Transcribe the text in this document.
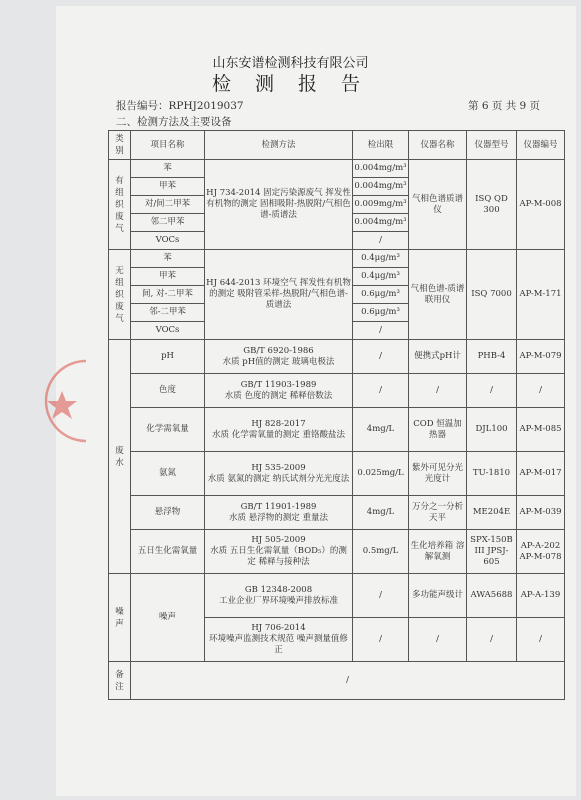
山东安谱检测科技有限公司
检 测 报 告
报告编号：RPHJ2019037	第 6 页 共 9 页
二、检测方法及主要设备
类别	项目名称	检测方法	检出限	仪器名称	仪器型号	仪器编号
有组织废气	苯	HJ 734-2014 固定污染源废气 挥发性有机物的测定 固相吸附-热脱附/气相色谱-质谱法	0.004mg/m³	气相色谱质谱仪	ISQ QD 300	AP-M-008
	甲苯		0.004mg/m³			
	对/间二甲苯		0.009mg/m³			
	邻二甲苯		0.004mg/m³			
	VOCs		/			
无组织废气	苯	HJ 644-2013 环境空气 挥发性有机物的测定 吸附管采样-热脱附/气相色谱-质谱法	0.4μg/m³	气相色谱-质谱联用仪	ISQ 7000	AP-M-171
	甲苯		0.4μg/m³			
	间, 对-二甲苯		0.6μg/m³			
	邻-二甲苯		0.6μg/m³			
	VOCs		/			
废水	pH	GB/T 6920-1986
水质 pH值的测定 玻璃电极法	/	便携式pH计	PHB-4	AP-M-079
	色度	GB/T 11903-1989
水质 色度的测定 稀释倍数法	/	/	/	/
	化学需氧量	HJ 828-2017
水质 化学需氧量的测定 重铬酸盐法	4mg/L	COD 恒温加热器	DJL100	AP-M-085
	氨氮	HJ 535-2009
水质 氨氮的测定 纳氏试剂分光光度法	0.025mg/L	紫外可见分光光度计	TU-1810	AP-M-017
	悬浮物	GB/T 11901-1989
水质 悬浮物的测定 重量法	4mg/L	万分之一分析天平	ME204E	AP-M-039
	五日生化需氧量	HJ 505-2009
水质 五日生化需氧量（BOD₅）的测定 稀释与接种法	0.5mg/L	生化培养箱 溶解氧测	SPX-150B III JPSJ-605	AP-A-202 AP-M-078
噪声	噪声	GB 12348-2008
工业企业厂界环境噪声排放标准	/	多功能声级计	AWA5688	AP-A-139

		HJ 706-2014
环境噪声监测技术规范 噪声测量值修正	/	/	/	/
备注	/					
